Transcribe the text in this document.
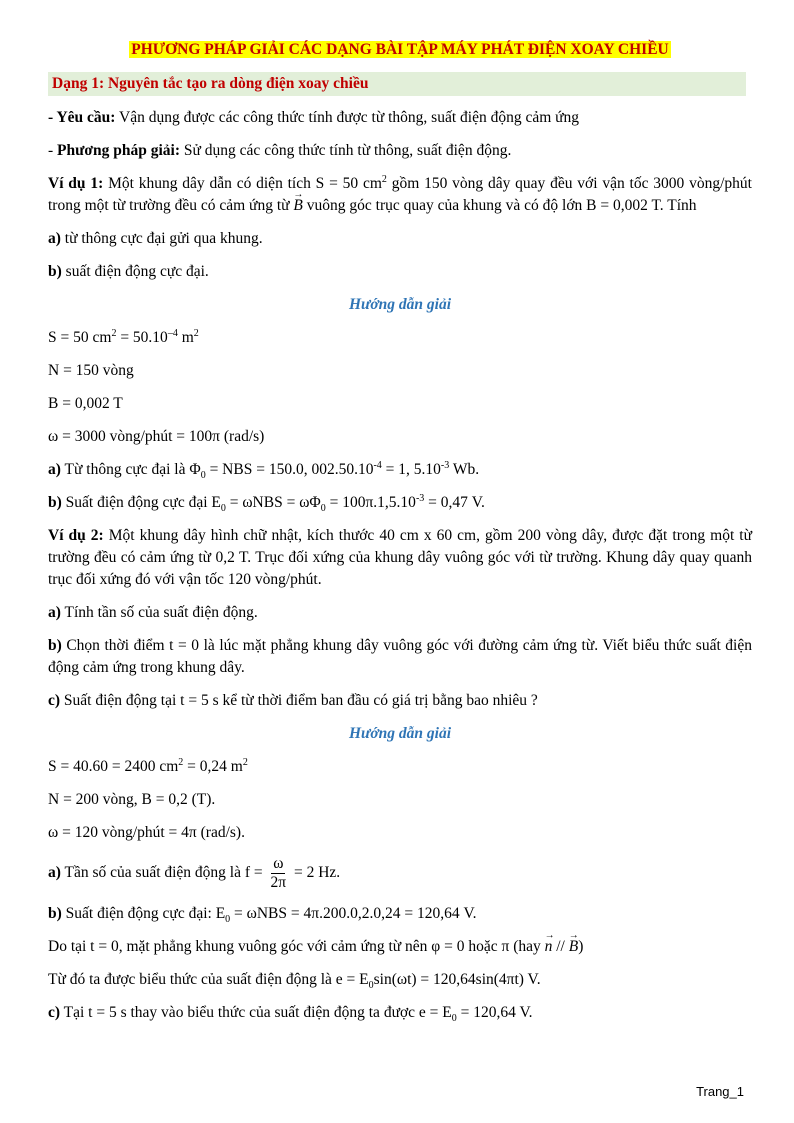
PHƯƠNG PHÁP GIẢI CÁC DẠNG BÀI TẬP MÁY PHÁT ĐIỆN XOAY CHIỀU
Dạng 1: Nguyên tắc tạo ra dòng điện xoay chiều

- Yêu cầu: Vận dụng được các công thức tính được từ thông, suất điện động cảm ứng

- Phương pháp giải: Sử dụng các công thức tính từ thông, suất điện động.

Ví dụ 1: Một khung dây dẫn có diện tích S = 50 $cm^2$ gồm 150 vòng dây quay đều với vận tốc 3000 vòng/phút trong một từ trường đều có cảm ứng từ → B vuông góc trục quay của khung và có độ lớn B = 0,002 T. Tính

a) từ thông cực đại gửi qua khung.

b) suất điện động cực đại.

Hướng dẫn giải

S = 50 $cm^2 = 50.10^{-4}$ $m^2$

N = 150 vòng

B = 0,002 T

ω = 3000 vòng/phút = 100π (rad/s)

a) Từ thông cực đại là $\Phi_0$ = NBS = 150.0, $002.50.10^{-4} = 1$, $5.10^{-3}$ Wb.

b) Suất điện động cực đại $E_0 = \omega NBS = \omega\Phi_0 = 100\pi.1,5.10^{-3} = 0,47$ V.

Ví dụ 2: Một khung dây hình chữ nhật, kích thước 40 cm x 60 cm, gồm 200 vòng dây, được đặt trong một từ trường đều có cảm ứng từ 0,2 T. Trục đối xứng của khung dây vuông góc với từ trường. Khung dây quay quanh trục đối xứng đó với vận tốc 120 vòng/phút.

a) Tính tần số của suất điện động.

b) Chọn thời điểm t = 0 là lúc mặt phẳng khung dây vuông góc với đường cảm ứng từ. Viết biểu thức suất điện động cảm ứng trong khung dây.

c) Suất điện động tại t = 5 s kể từ thời điểm ban đầu có giá trị bằng bao nhiêu ?

Hướng dẫn giải

S = 40.60 = 2400 $cm^2 = 0,24$ $m^2$

N = 200 vòng, B = 0,2 (T).

ω = 120 vòng/phút = 4π (rad/s).

a) Tần số của suất điện động là $f = \frac{\omega}{2\pi} = 2$ Hz.

b) Suất điện động cực đại: $E_0 = \omega NBS = 4\pi.200.0,2.0,24 = 120,64$ V.

Do tại t = 0, mặt phẳng khung vuông góc với cảm ứng từ nên φ = 0 hoặc π (hay → n // → B)

Từ đó ta được biểu thức của suất điện động là $e = E_0\sin(\omega t) = 120,64\sin(4\pi t)$ V.

c) Tại t = 5 s thay vào biểu thức của suất điện động ta được $e = E_0 = 120,64$ V.

Trang_1
